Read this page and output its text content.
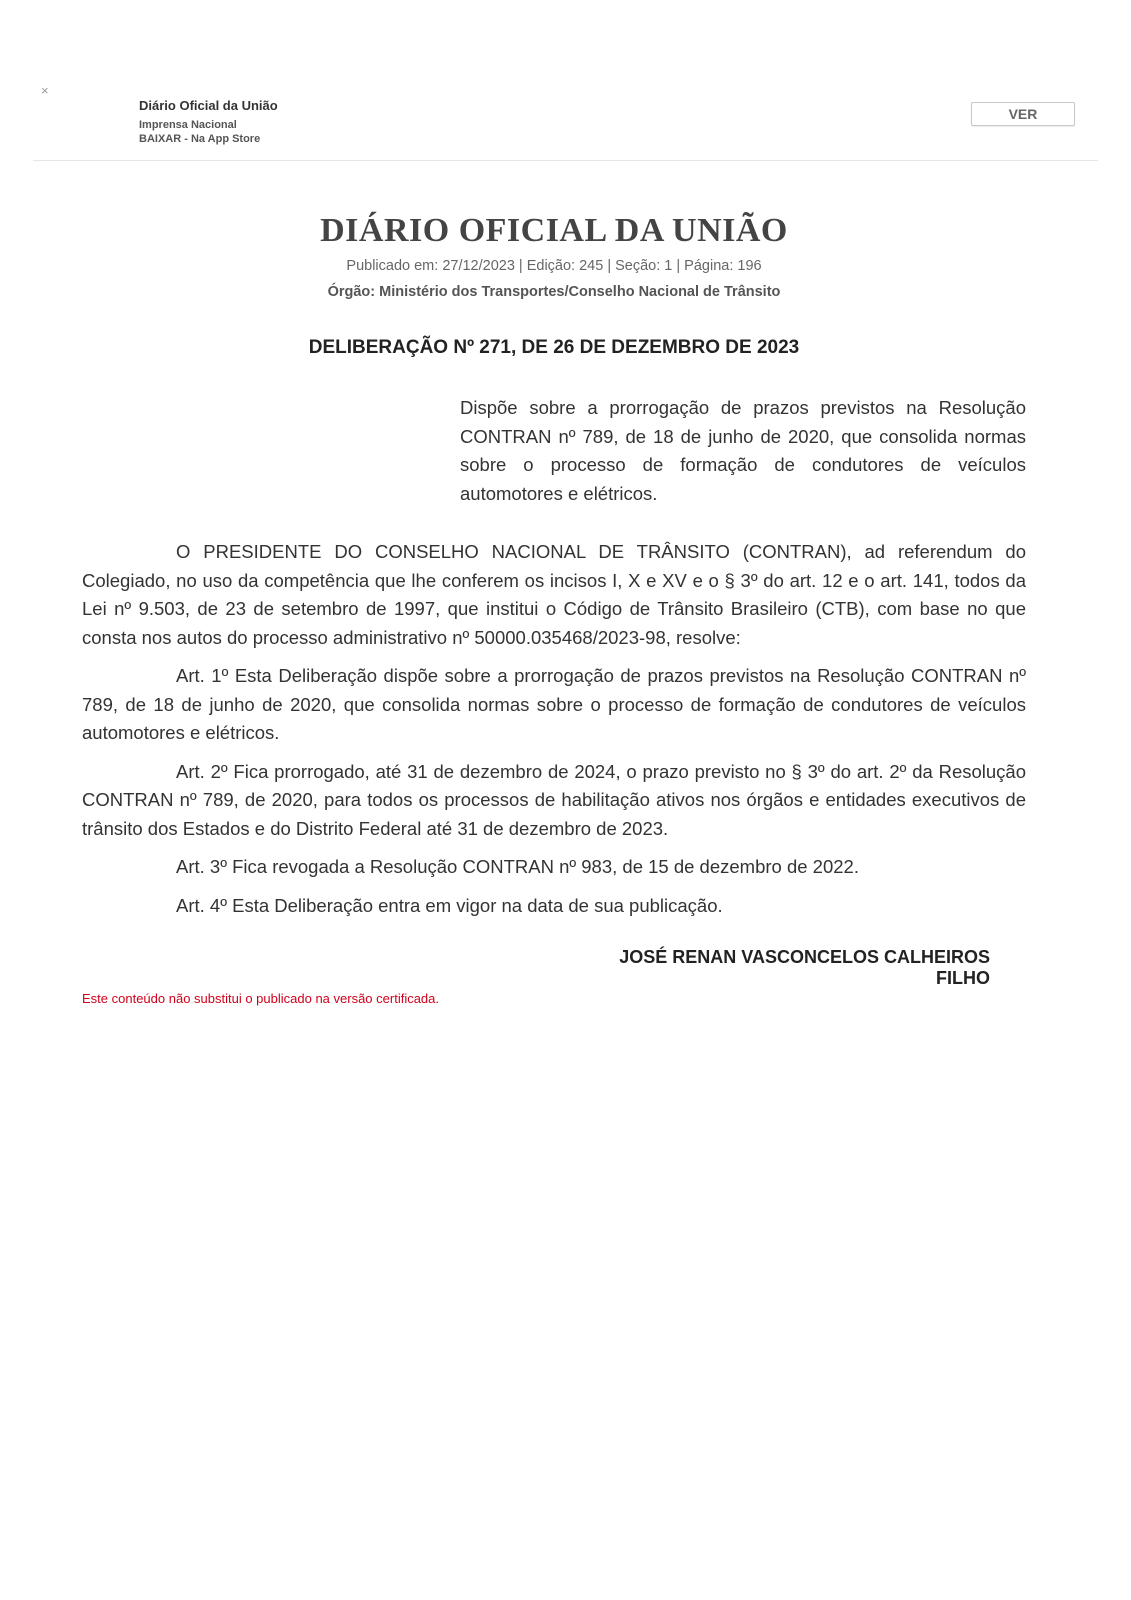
×
Diário Oficial da União
Imprensa Nacional
BAIXAR - Na App Store
VER
DIÁRIO OFICIAL DA UNIÃO
Publicado em: 27/12/2023 | Edição: 245 | Seção: 1 | Página: 196
Órgão: Ministério dos Transportes/Conselho Nacional de Trânsito
DELIBERAÇÃO Nº 271, DE 26 DE DEZEMBRO DE 2023

Dispõe sobre a prorrogação de prazos previstos na Resolução CONTRAN nº 789, de 18 de junho de 2020, que consolida normas sobre o processo de formação de condutores de veículos automotores e elétricos.

O PRESIDENTE DO CONSELHO NACIONAL DE TRÂNSITO (CONTRAN), ad referendum do Colegiado, no uso da competência que lhe conferem os incisos I, X e XV e o § 3º do art. 12 e o art. 141, todos da Lei nº 9.503, de 23 de setembro de 1997, que institui o Código de Trânsito Brasileiro (CTB), com base no que consta nos autos do processo administrativo nº 50000.035468/2023-98, resolve:

Art. 1º Esta Deliberação dispõe sobre a prorrogação de prazos previstos na Resolução CONTRAN nº 789, de 18 de junho de 2020, que consolida normas sobre o processo de formação de condutores de veículos automotores e elétricos.

Art. 2º Fica prorrogado, até 31 de dezembro de 2024, o prazo previsto no § 3º do art. 2º da Resolução CONTRAN nº 789, de 2020, para todos os processos de habilitação ativos nos órgãos e entidades executivos de trânsito dos Estados e do Distrito Federal até 31 de dezembro de 2023.

Art. 3º Fica revogada a Resolução CONTRAN nº 983, de 15 de dezembro de 2022.

Art. 4º Esta Deliberação entra em vigor na data de sua publicação.

JOSÉ RENAN VASCONCELOS CALHEIROS FILHO

Este conteúdo não substitui o publicado na versão certificada.
